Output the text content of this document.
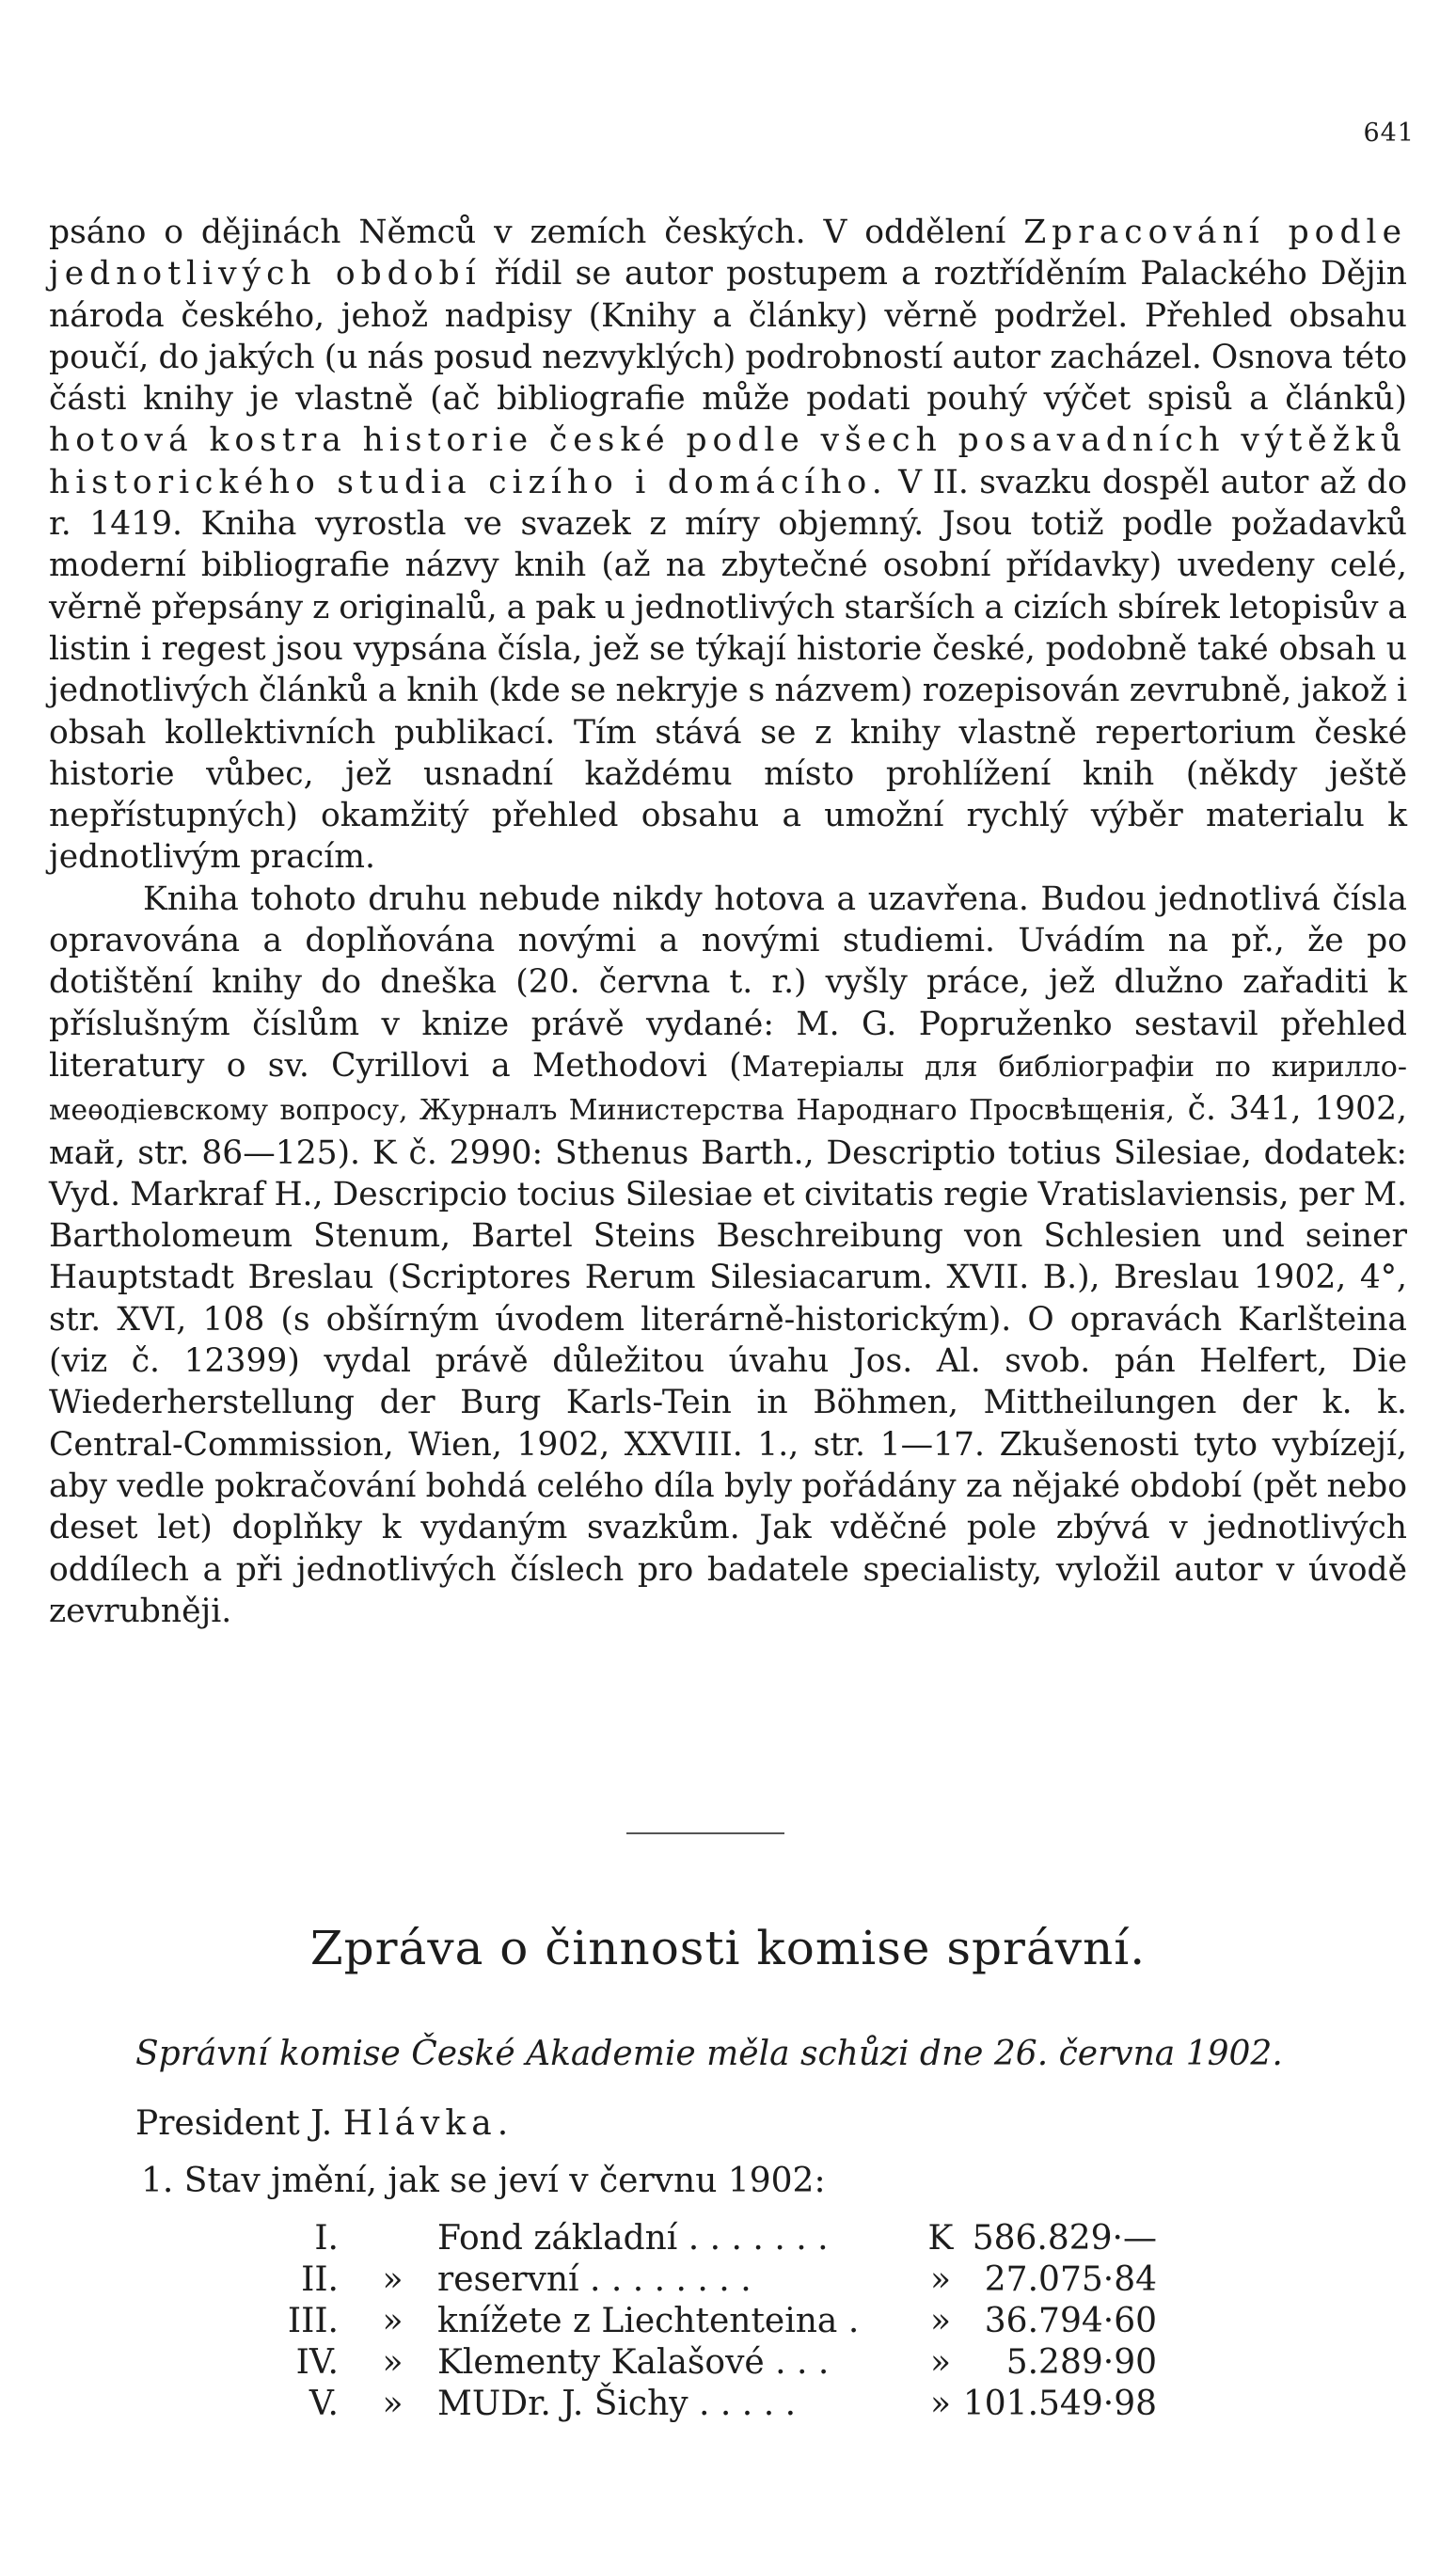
641

psáno o dějinách Němců v zemích českých. V oddělení Zpracování podle jednotlivých období řídil se autor postupem a roztříděním Palackého Dějin národa českého, jehož nadpisy (Knihy a články) věrně podržel. Přehled obsahu poučí, do jakých (u nás posud nezvyklých) podrobností autor zacházel. Osnova této části knihy je vlastně (ač bibliografie může podati pouhý výčet spisů a článků) hotová kostra historie české podle všech posavadních výtěžků historického studia cizího i domácího. V II. svazku dospěl autor až do r. 1419. Kniha vyrostla ve svazek z míry objemný. Jsou totiž podle požadavků moderní bibliografie názvy knih (až na zbytečné osobní přídavky) uvedeny celé, věrně přepsány z originalů, a pak u jednotlivých starších a cizích sbírek letopisův a listin i regest jsou vypsána čísla, jež se týkají historie české, podobně také obsah u jednotlivých článků a knih (kde se nekryje s názvem) rozepisován zevrubně, jakož i obsah kollektivních publikací. Tím stává se z knihy vlastně repertorium české historie vůbec, jež usnadní každému místo prohlížení knih (někdy ještě nepřístupných) okamžitý přehled obsahu a umožní rychlý výběr materialu k jednotlivým pracím.

Kniha tohoto druhu nebude nikdy hotova a uzavřena. Budou jednotlivá čísla opravována a doplňována novými a novými studiemi. Uvádím na př., že po dotištění knihy do dneška (20. června t. r.) vyšly práce, jež dlužno zařaditi k příslušným číslům v knize právě vydané: M. G. Popruženko sestavil přehled literatury o sv. Cyrillovi a Methodovi (Матеріалы для библіографіи по кирилло-меѳодіевскому вопросу, Журналъ Министерства Народнаго Просвѣщенія, č. 341, 1902, май, str. 86—125). K č. 2990: Sthenus Barth., Descriptio totius Silesiae, dodatek: Vyd. Markraf H., Descripcio tocius Silesiae et civitatis regie Vratislaviensis, per M. Bartholomeum Stenum, Bartel Steins Beschreibung von Schlesien und seiner Hauptstadt Breslau (Scriptores Rerum Silesiacarum. XVII. B.), Breslau 1902, 4°, str. XVI, 108 (s obšírným úvodem literárně-historickým). O opravách Karlšteina (viz č. 12399) vydal právě důležitou úvahu Jos. Al. svob. pán Helfert, Die Wiederherstellung der Burg Karls-Tein in Böhmen, Mittheilungen der k. k. Central-Commission, Wien, 1902, XXVIII. 1., str. 1—17. Zkušenosti tyto vybízejí, aby vedle pokračování bohdá celého díla byly pořádány za nějaké období (pět nebo deset let) doplňky k vydaným svazkům. Jak vděčné pole zbývá v jednotlivých oddílech a při jednotlivých číslech pro badatele specialisty, vyložil autor v úvodě zevrubněji.

Zpráva o činnosti komise správní.

Správní komise České Akademie měla schůzi dne 26. června 1902.

President J. Hlávka.

1. Stav jmění, jak se jeví v červnu 1902:

I.		Fond základní . . . . . . .	K	586.829·—
II.	»	reservní . . . . . . . .	»	27.075·84
III.	»	knížete z Liechtenteina .	»	36.794·60
IV.	»	Klementy Kalašové . . .	»	5.289·90
V.	»	MUDr. J. Šichy . . . . .	»	101.549·98
